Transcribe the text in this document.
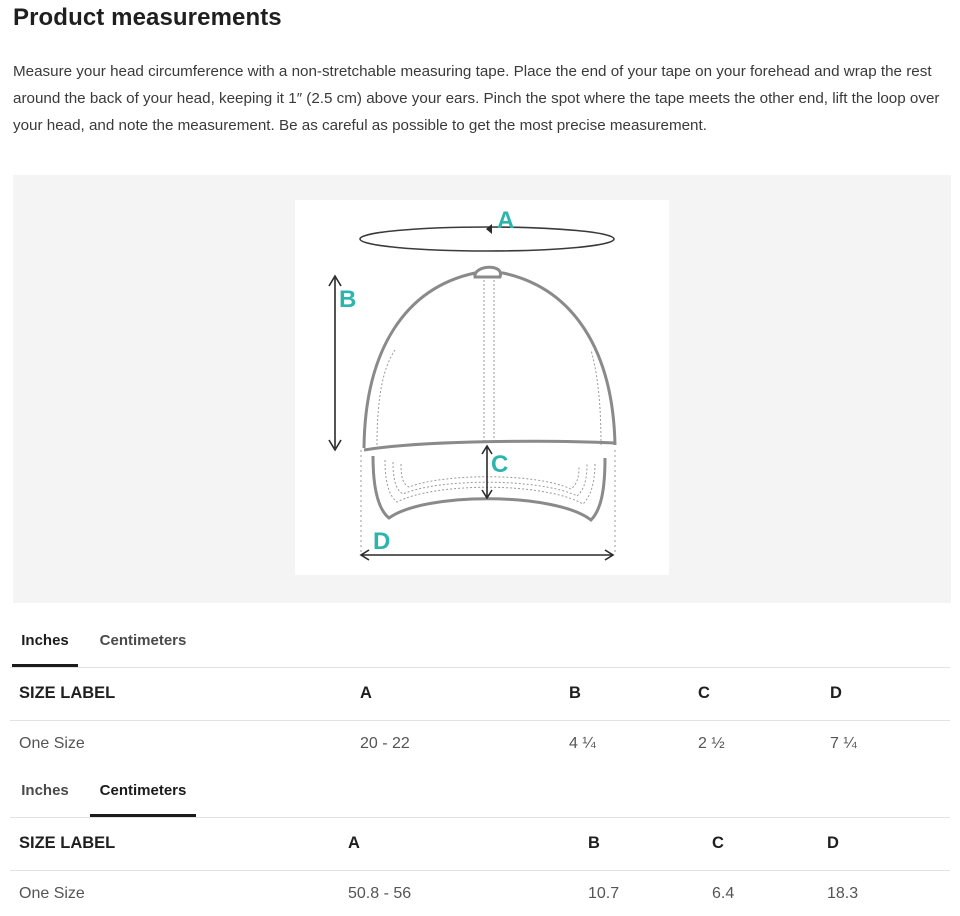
Product measurements

Measure your head circumference with a non-stretchable measuring tape. Place the end of your tape on your forehead and wrap the rest around the back of your head, keeping it 1″ (2.5 cm) above your ears. Pinch the spot where the tape meets the other end, lift the loop over your head, and note the measurement. Be as careful as possible to get the most precise measurement.

A
B
C
D
Inches	Centimeters
SIZE LABEL	A	B	C	D
One Size	20 - 22	4 ¼	2 ½	7 ¼
Inches	Centimeters
SIZE LABEL	A	B	C	D
One Size	50.8 - 56	10.7	6.4	18.3
